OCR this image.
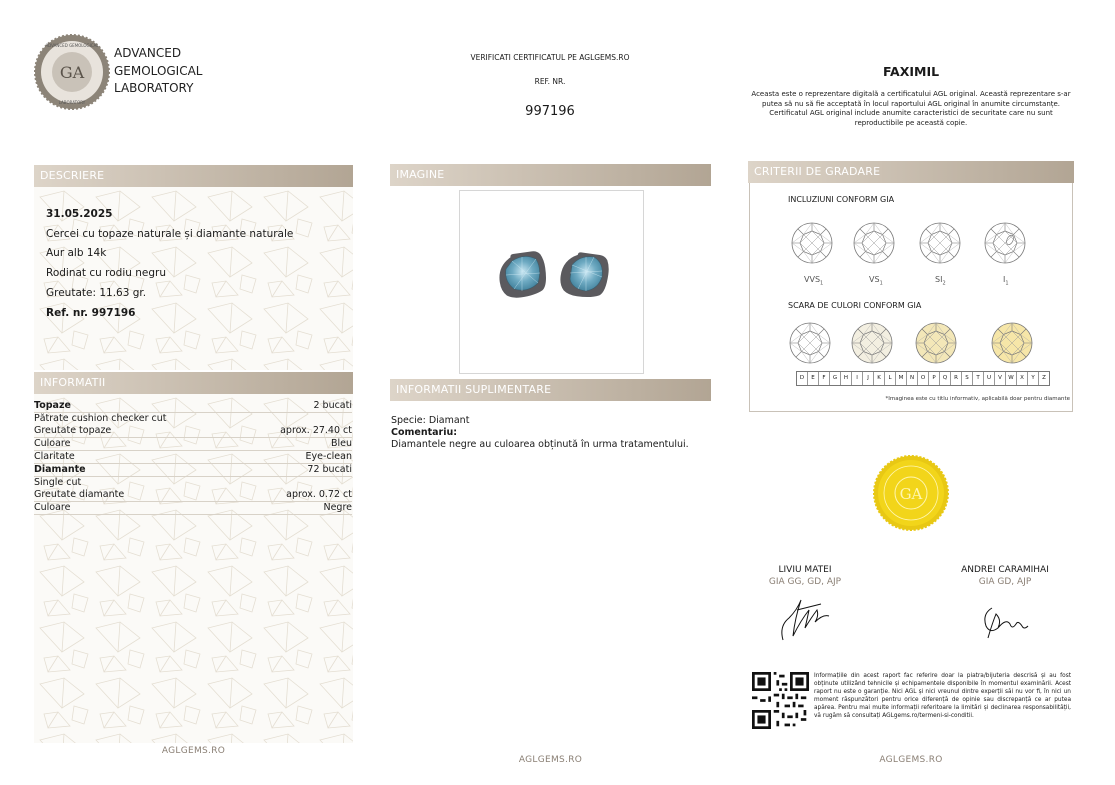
GA
ADVANCED GEMOLOGICAL
LABORATORY
ADVANCED
GEMOLOGICAL
LABORATORY
VERIFICATI CERTIFICATUL PE AGLGEMS.RO
REF. NR.
997196
FAXIMIL
Aceasta este o reprezentare digitală a certificatului AGL original. Această reprezentare s-ar putea să nu să fie acceptată în locul raportului AGL original în anumite circumstanțe. Certificatul AGL original include anumite caracteristici de securitate care nu sunt reproductibile pe această copie.
DESCRIERE
31.05.2025
Cercei cu topaze naturale și diamante naturale
Aur alb 14k
Rodinat cu rodiu negru
Greutate: 11.63 gr.
Ref. nr. 997196
INFORMATII
Topaze	2 bucati
Pătrate cushion checker cut
Greutate topaze	aprox. 27.40 ct
Culoare	Bleu
Claritate	Eye-clean
Diamante	72 bucati
Single cut
Greutate diamante	aprox. 0.72 ct
Culoare	Negre
AGLGEMS.RO
IMAGINE
INFORMATII SUPLIMENTARE
Specie: Diamant
Comentariu:
Diamantele negre au culoarea obținută în urma tratamentului.
AGLGEMS.RO
CRITERII DE GRADARE
INCLUZIUNI CONFORM GIA
$VVS_1$	$VS_1$	$SI_2$	$I_1$
SCARA DE CULORI CONFORM GIA
D	E	F	G	H	I	J	K	L	M	N	O	P	Q	R	S	T	U	V	W	X	Y	Z
*Imaginea este cu titlu informativ, aplicabilă doar pentru diamante
GA
LIVIU MATEI
GIA GG, GD, AJP
ANDREI CARAMIHAI
GIA GD, AJP
Informațiile din acest raport fac referire doar la piatra/bijuteria descrisă și au fost obținute utilizând tehnicile și echipamentele disponibile în momentul examinării. Acest raport nu este o garanție. Nici AGL și nici vreunul dintre experții săi nu vor fi, în nici un moment răspunzători pentru orice diferență de opinie sau discrepanță ce ar putea apărea. Pentru mai multe informații referitoare la limitări și declinarea responsabilității, vă rugăm să consultați AGLgems.ro/termeni-si-conditii.
AGLGEMS.RO
